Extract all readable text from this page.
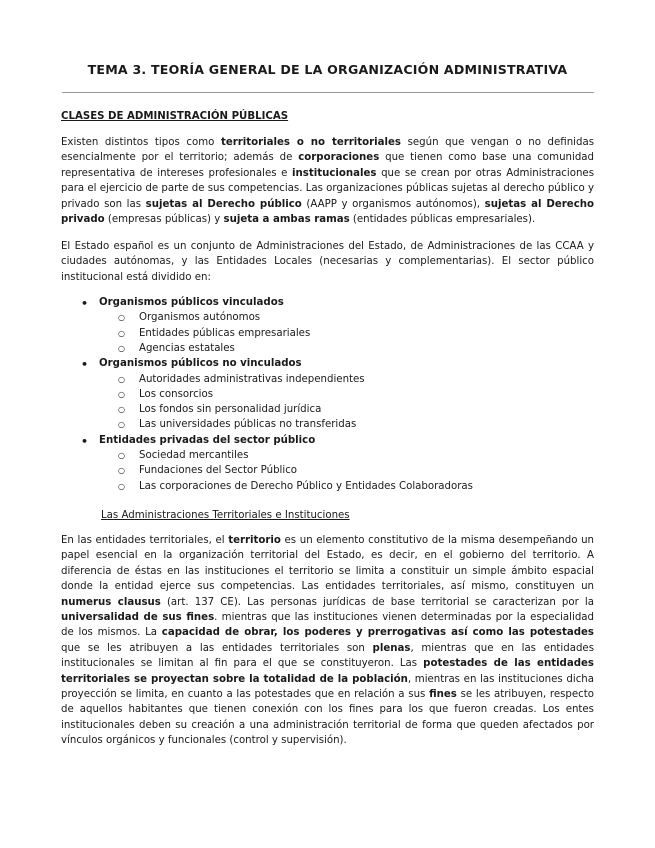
TEMA 3. TEORÍA GENERAL DE LA ORGANIZACIÓN ADMINISTRATIVA
CLASES DE ADMINISTRACIÓN PÚBLICAS
Existen distintos tipos como territoriales o no territoriales según que vengan o no definidas esencialmente por el territorio; además de corporaciones que tienen como base una comunidad representativa de intereses profesionales e institucionales que se crean por otras Administraciones para el ejercicio de parte de sus competencias. Las organizaciones públicas sujetas al derecho público y privado son las sujetas al Derecho público (AAPP y organismos autónomos), sujetas al Derecho privado (empresas públicas) y sujeta a ambas ramas (entidades públicas empresariales).
El Estado español es un conjunto de Administraciones del Estado, de Administraciones de las CCAA y ciudades autónomas, y las Entidades Locales (necesarias y complementarias). El sector público institucional está dividido en:
• Organismos públicos vinculados
○ Organismos autónomos
○ Entidades públicas empresariales
○ Agencias estatales
• Organismos públicos no vinculados
○ Autoridades administrativas independientes
○ Los consorcios
○ Los fondos sin personalidad jurídica
○ Las universidades públicas no transferidas
• Entidades privadas del sector público
○ Sociedad mercantiles
○ Fundaciones del Sector Público
○ Las corporaciones de Derecho Público y Entidades Colaboradoras
Las Administraciones Territoriales e Instituciones
En las entidades territoriales, el territorio es un elemento constitutivo de la misma desempeñando un papel esencial en la organización territorial del Estado, es decir, en el gobierno del territorio. A diferencia de éstas en las instituciones el territorio se limita a constituir un simple ámbito espacial donde la entidad ejerce sus competencias. Las entidades territoriales, así mismo, constituyen un numerus clausus (art. 137 CE). Las personas jurídicas de base territorial se caracterizan por la universalidad de sus fines. mientras que las instituciones vienen determinadas por la especialidad de los mismos. La capacidad de obrar, los poderes y prerrogativas así como las potestades que se les atribuyen a las entidades territoriales son plenas, mientras que en las entidades institucionales se limitan al fin para el que se constituyeron. Las potestades de las entidades territoriales se proyectan sobre la totalidad de la población, mientras en las instituciones dicha proyección se limita, en cuanto a las potestades que en relación a sus fines se les atribuyen, respecto de aquellos habitantes que tienen conexión con los fines para los que fueron creadas. Los entes institucionales deben su creación a una administración territorial de forma que queden afectados por vínculos orgánicos y funcionales (control y supervisión).
